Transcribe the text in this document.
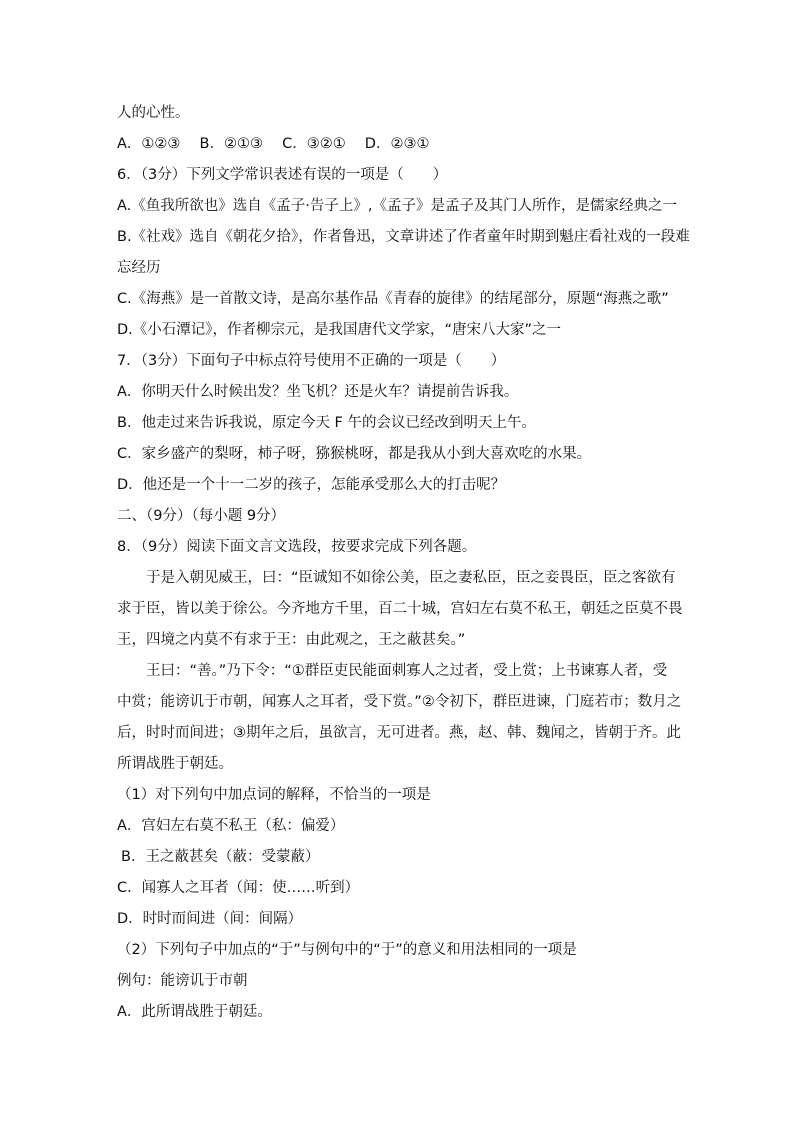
人的心性。
A．①②③　 B．②①③　 C．③②①　 D．②③①
6．（3分）下列文学常识表述有误的一项是（　　）
A.《鱼我所欲也》选自《孟子·告子上》,《孟子》是孟子及其门人所作，是儒家经典之一
B.《社戏》选自《朝花夕拾》，作者鲁迅，文章讲述了作者童年时期到魁庄看社戏的一段难
忘经历
C.《海燕》是一首散文诗，是高尔基作品《青春的旋律》的结尾部分，原题“海燕之歌”
D.《小石潭记》，作者柳宗元，是我国唐代文学家，“唐宋八大家”之一
7．（3分）下面句子中标点符号使用不正确的一项是（　　）
A．你明天什么时候出发？坐飞机？还是火车？请提前告诉我。
B．他走过来告诉我说，原定今天 F 午的会议已经改到明天上午。
C．家乡盛产的梨呀，柿子呀，猕猴桃呀，都是我从小到大喜欢吃的水果。
D．他还是一个十一二岁的孩子，怎能承受那么大的打击呢？
二、（9分）（每小题 9分）
8．（9分）阅读下面文言文选段，按要求完成下列各题。
于是入朝见威王，曰：“臣诚知不如徐公美，臣之妻私臣，臣之妾畏臣，臣之客欲有
求于臣，皆以美于徐公。今齐地方千里，百二十城，宫妇左右莫不私王，朝廷之臣莫不畏
王，四境之内莫不有求于王：由此观之，王之蔽甚矣。”
王曰：“善。”乃下令：“①群臣吏民能面刺寡人之过者，受上赏；上书谏寡人者，受
中赏；能谤讥于市朝，闻寡人之耳者，受下赏。”②令初下，群臣进谏，门庭若市；数月之
后，时时而间进；③期年之后，虽欲言，无可进者。燕，赵、韩、魏闻之，皆朝于齐。此
所谓战胜于朝廷。
（1）对下列句中加点词的解释，不恰当的一项是
A．宫妇左右莫不私王（私：偏爱）
B．王之蔽甚矣（蔽：受蒙蔽）
C．闻寡人之耳者（闻：使……听到）
D．时时而间进（间：间隔）
（2）下列句子中加点的“于”与例句中的“于”的意义和用法相同的一项是
例句：能谤讥于市朝
A．此所谓战胜于朝廷。
